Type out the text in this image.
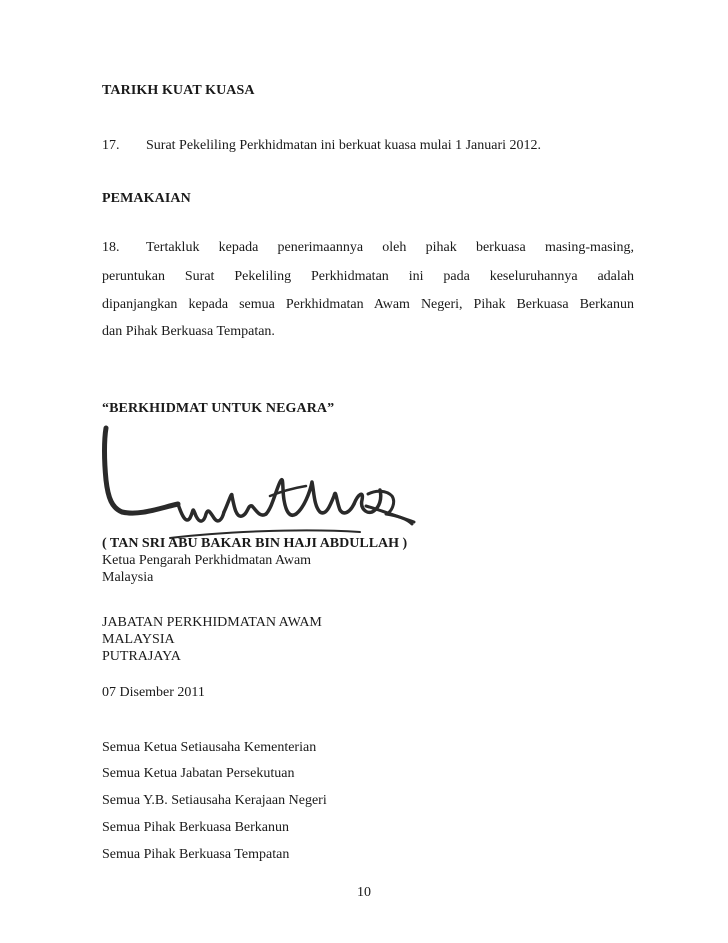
TARIKH KUAT KUASA
17. Surat Pekeliling Perkhidmatan ini berkuat kuasa mulai 1 Januari 2012.
PEMAKAIAN
18. Tertakluk kepada penerimaannya oleh pihak berkuasa masing-masing,
peruntukan Surat Pekeliling Perkhidmatan ini pada keseluruhannya adalah
dipanjangkan kepada semua Perkhidmatan Awam Negeri, Pihak Berkuasa Berkanun
dan Pihak Berkuasa Tempatan.
“BERKHIDMAT UNTUK NEGARA”
( TAN SRI ABU BAKAR BIN HAJI ABDULLAH )
Ketua Pengarah Perkhidmatan Awam
Malaysia
JABATAN PERKHIDMATAN AWAM
MALAYSIA
PUTRAJAYA
07 Disember 2011
Semua Ketua Setiausaha Kementerian
Semua Ketua Jabatan Persekutuan
Semua Y.B. Setiausaha Kerajaan Negeri
Semua Pihak Berkuasa Berkanun
Semua Pihak Berkuasa Tempatan
10
